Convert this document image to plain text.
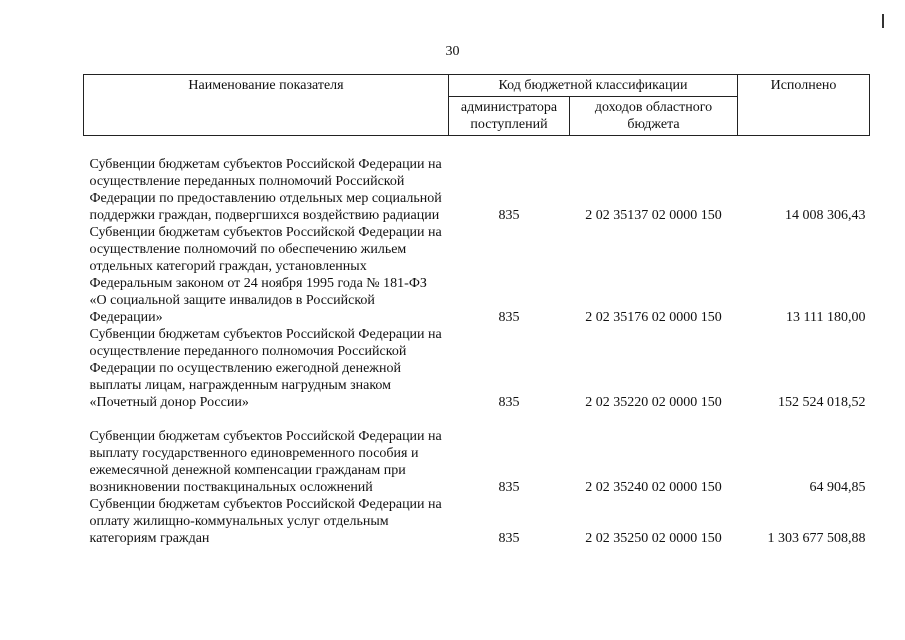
30
Наименование показателя	Код бюджетной классификации		Исполнено
	администратора поступлений	доходов областного бюджета	
Субвенции бюджетам субъектов Российской Федерации на осуществление переданных полномочий Российской Федерации по предоставлению отдельных мер социальной поддержки граждан, подвергшихся воздействию радиации	835	2 02 35137 02 0000 150	14 008 306,43
Субвенции бюджетам субъектов Российской Федерации на осуществление полномочий по обеспечению жильем отдельных категорий граждан, установленных Федеральным законом от 24 ноября 1995 года № 181-ФЗ «О социальной защите инвалидов в Российской Федерации»	835	2 02 35176 02 0000 150	13 111 180,00
Субвенции бюджетам субъектов Российской Федерации на осуществление переданного полномочия Российской Федерации по осуществлению ежегодной денежной выплаты лицам, награжденным нагрудным знаком «Почетный донор России»	835	2 02 35220 02 0000 150	152 524 018,52
Субвенции бюджетам субъектов Российской Федерации на выплату государственного единовременного пособия и ежемесячной денежной компенсации гражданам при возникновении поствакцинальных осложнений	835	2 02 35240 02 0000 150	64 904,85
Субвенции бюджетам субъектов Российской Федерации на оплату жилищно-коммунальных услуг отдельным категориям граждан	835	2 02 35250 02 0000 150	1 303 677 508,88
